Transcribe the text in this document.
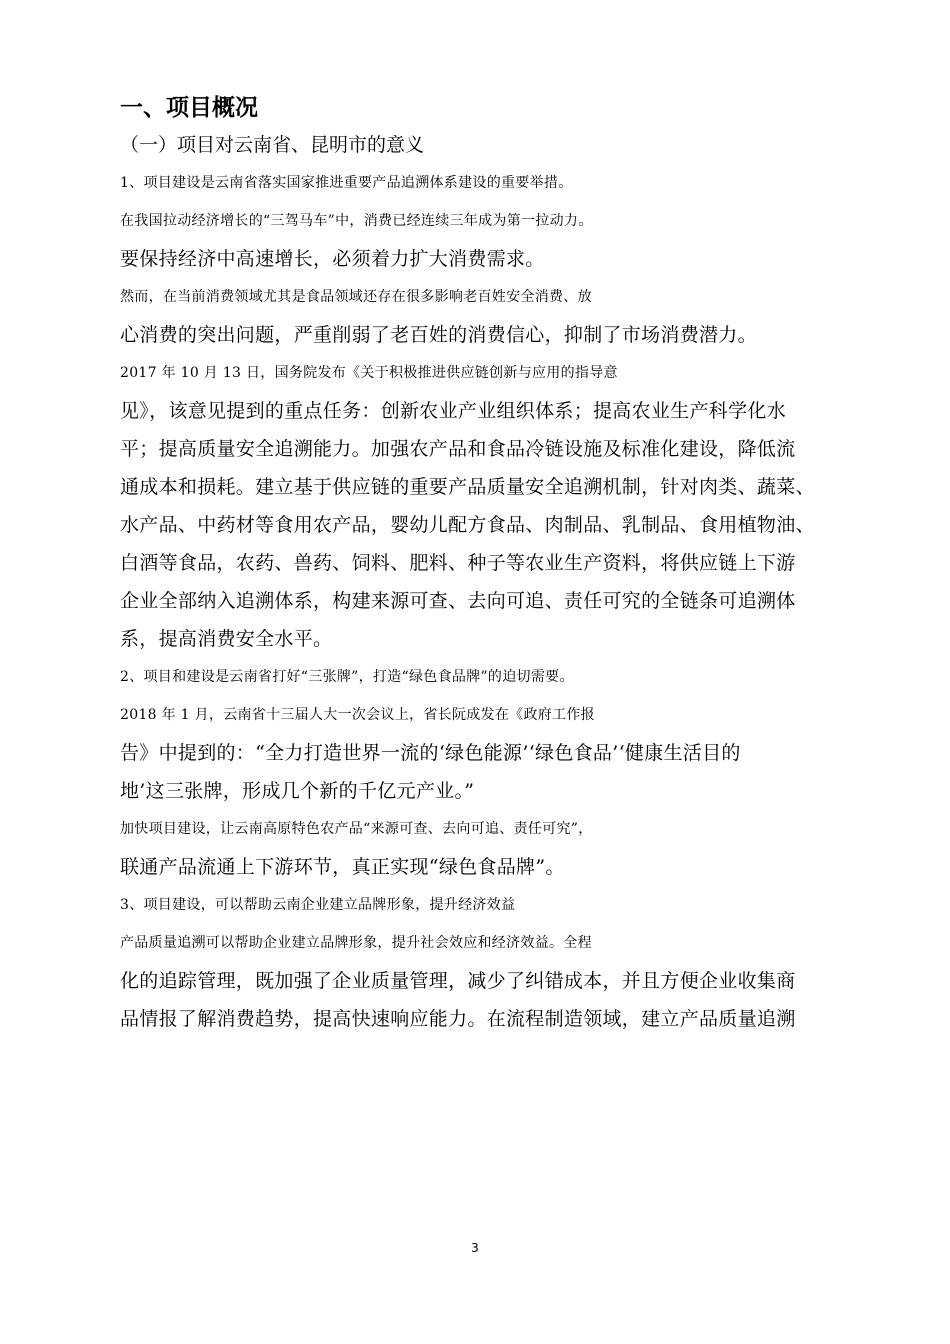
一、项目概况

（一）项目对云南省、昆明市的意义

1、项目建设是云南省落实国家推进重要产品追溯体系建设的重要举措。

在我国拉动经济增长的“三驾马车”中，消费已经连续三年成为第一拉动力。
要保持经济中高速增长，必须着力扩大消费需求。

然而，在当前消费领域尤其是食品领域还存在很多影响老百姓安全消费、放
心消费的突出问题，严重削弱了老百姓的消费信心，抑制了市场消费潜力。

2017 年 10 月 13 日，国务院发布《关于积极推进供应链创新与应用的指导意
见》，该意见提到的重点任务：创新农业产业组织体系；提高农业生产科学化水
平；提高质量安全追溯能力。加强农产品和食品冷链设施及标准化建设，降低流
通成本和损耗。建立基于供应链的重要产品质量安全追溯机制，针对肉类、蔬菜、
水产品、中药材等食用农产品，婴幼儿配方食品、肉制品、乳制品、食用植物油、
白酒等食品，农药、兽药、饲料、肥料、种子等农业生产资料，将供应链上下游
企业全部纳入追溯体系，构建来源可查、去向可追、责任可究的全链条可追溯体
系，提高消费安全水平。

2、项目和建设是云南省打好“三张牌”，打造“绿色食品牌”的迫切需要。

2018 年 1 月，云南省十三届人大一次会议上，省长阮成发在《政府工作报
告》中提到的：“全力打造世界一流的‘绿色能源’‘绿色食品’‘健康生活目的
地’这三张牌，形成几个新的千亿元产业。”

加快项目建设，让云南高原特色农产品“来源可查、去向可追、责任可究”，
联通产品流通上下游环节，真正实现“绿色食品牌”。

3、项目建设，可以帮助云南企业建立品牌形象，提升经济效益

产品质量追溯可以帮助企业建立品牌形象，提升社会效应和经济效益。全程
化的追踪管理，既加强了企业质量管理，减少了纠错成本，并且方便企业收集商
品情报了解消费趋势，提高快速响应能力。在流程制造领域，建立产品质量追溯

3
